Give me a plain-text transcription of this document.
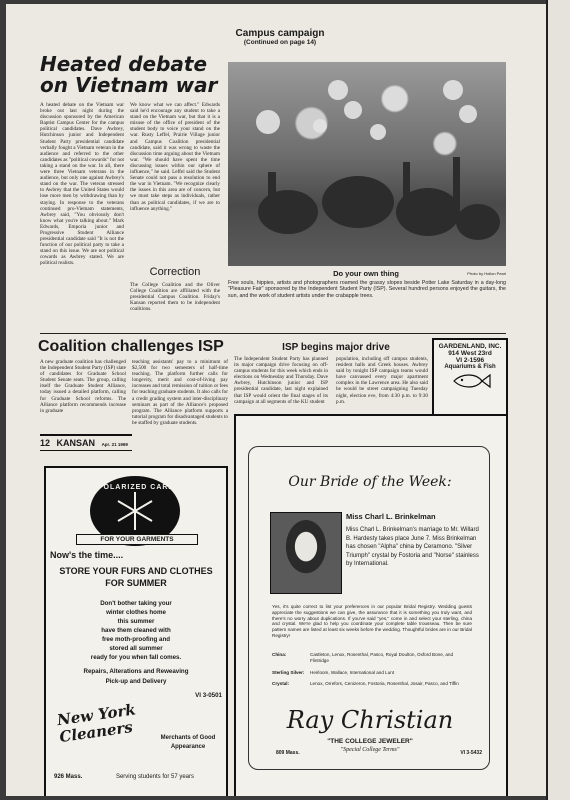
Campus campaign
(Continued on page 14)
Heated debate on Vietnam war
A heated debate on the Vietnam war broke out last night during the discussion sponsored by the American Baptist Campus Center for the campus political candidates. Dave Awbrey, Hutchinson junior and Independent Student Party presidential candidate verbally fought a Vietnam veteran in the audience and referred to the other candidates as "political cowards" for not taking a stand on the war. In all, there were three Vietnam veterans in the audience, but only one against Awbrey's stand on the war. The veteran stressed to Awbrey that the United States would lose more men by withdrawing than by staying. In response to the veterans continued pro-Vietnam statements, Awbrey said, "You obviously don't know what you're talking about." Mark Edwards, Emporia junior and Progressive Student Alliance presidential candidate said "It is not the function of our political party to take a stand on this issue. We are not political cowards as Awbrey stated. We are political realists.
We know what we can affect." Edwards said he'd encourage any student to take a stand on the Vietnam war, but that it is a misuse of the office of president of the student body to voice your stand on the war. Rusty Leffel, Prairie Village junior and Campus Coalition presidential candidate, said it was wrong to waste the discussion time arguing about the Vietnam war. "We should have spent the time discussing issues within our sphere of influence," he said. Leffel said the Student Senate could not pass a resolution to end the war in Vietnam. "We recognize clearly the issues in this area are of concern, but we must take steps as individuals, rather than as political candidates, if we are to influence anything."
Correction
The College Coalition and the Oliver College Coalition are affiliated with the presidential Campus Coalition. Friday's Kansan reported them to be independent coalitions.
Do your own thing	Photo by Hollon Pearl
Free souls, hippies, artists and photographers roamed the grassy slopes beside Potter Lake Saturday in a day-long "Pleasure Fair" sponsored by the Independent Student Party (ISP). Several hundred persons enjoyed the guitars, the sun, and the work of student artists under the crabapple trees.
Coalition challenges ISP
A new graduate coalition has challenged the Independent Student Party (ISP) slate of candidates for Graduate School Student Senate seats. The group, calling itself the Graduate Student Alliance, today issued a detailed platform, calling for Graduate School reforms. The Alliance platform recommends increase in graduate
teaching assistants' pay to a minimum of $2,500 for two semesters of half-time teaching. The platform further calls for longevity, merit and cost-of-living pay increases and total remission of tuition or fees for teaching graduate students. It also calls for a credit grading system and inter-disciplinary seminars as part of the Alliance's proposed program. The Alliance platform supports a tutorial program for disadvantaged students to be staffed by graduate students.
12 KANSAN Apr. 21 1969
ISP begins major drive
The Independent Student Party has planned its major campaign drive focusing on off-campus students for this week which ends in elections on Wednesday and Thursday. Dave Awbrey, Hutchinson junior and ISP presidential candidate, last night explained that ISP would orient the final stages of its campaign at all segments of the KU student
population, including off campus students, resident halls and Greek houses. Awbrey said by tonight ISP campaign teams would have canvassed every major apartment complex in the Lawrence area. He also said he would be street campaigning Tuesday night, election eve, from 4:30 p.m. to 9:30 p.m.
GARDENLAND, INC.
914 West 23rd
VI 2-1596
Aquariums & Fish
POLARIZED CARE
FOR YOUR GARMENTS
Now's the time....
STORE YOUR FURS AND CLOTHES FOR SUMMER
Don't bother taking your
winter clothes home
this summer
have them cleaned with
free moth-proofing and
stored all summer
ready for you when fall comes.
Repairs, Alterations and Reweaving
Pick-up and Delivery
VI 3-0501
New York Cleaners	Merchants of Good Appearance
926 Mass.	Serving students for 57 years
Our Bride of the Week:
Miss Charl L. Brinkelman
Miss Charl L. Brinkelman's marriage to Mr. Willard B. Hardesty takes place June 7. Miss Brinkelman has chosen "Alpha" china by Ceramono. "Silver Triumph" crystal by Fostoria and "Norse" stainless by International.
Yes, it's quite correct to list your preferences in our popular Bridal Registry. Wedding guests appreciate the suggestions we can give, the assurance that it is something you truly want, and there's no worry about duplications. If you've said "yes," come in and select your sterling, china and crystal. We're glad to help you coordinate your complete table trousseau. Then be sure pattern names are listed at least six weeks before the wedding. Thoughtful brides are in our Bridal Registry!
China:	Castleton, Lenox, Rosenthal, Pasco, Royal Doulton, Oxford Bone, and Flintridge
Sterling Silver:	Heirloom, Wallace, International and Lunt
Crystal:	Lenox, Orrefors, Cenizeron, Fostoria, Rosenthal, Josair, Pasco, and Tiffin
Ray Christian
"THE COLLEGE JEWELER"
"Special College Terms"
809 Mass.	VI 3-5432
